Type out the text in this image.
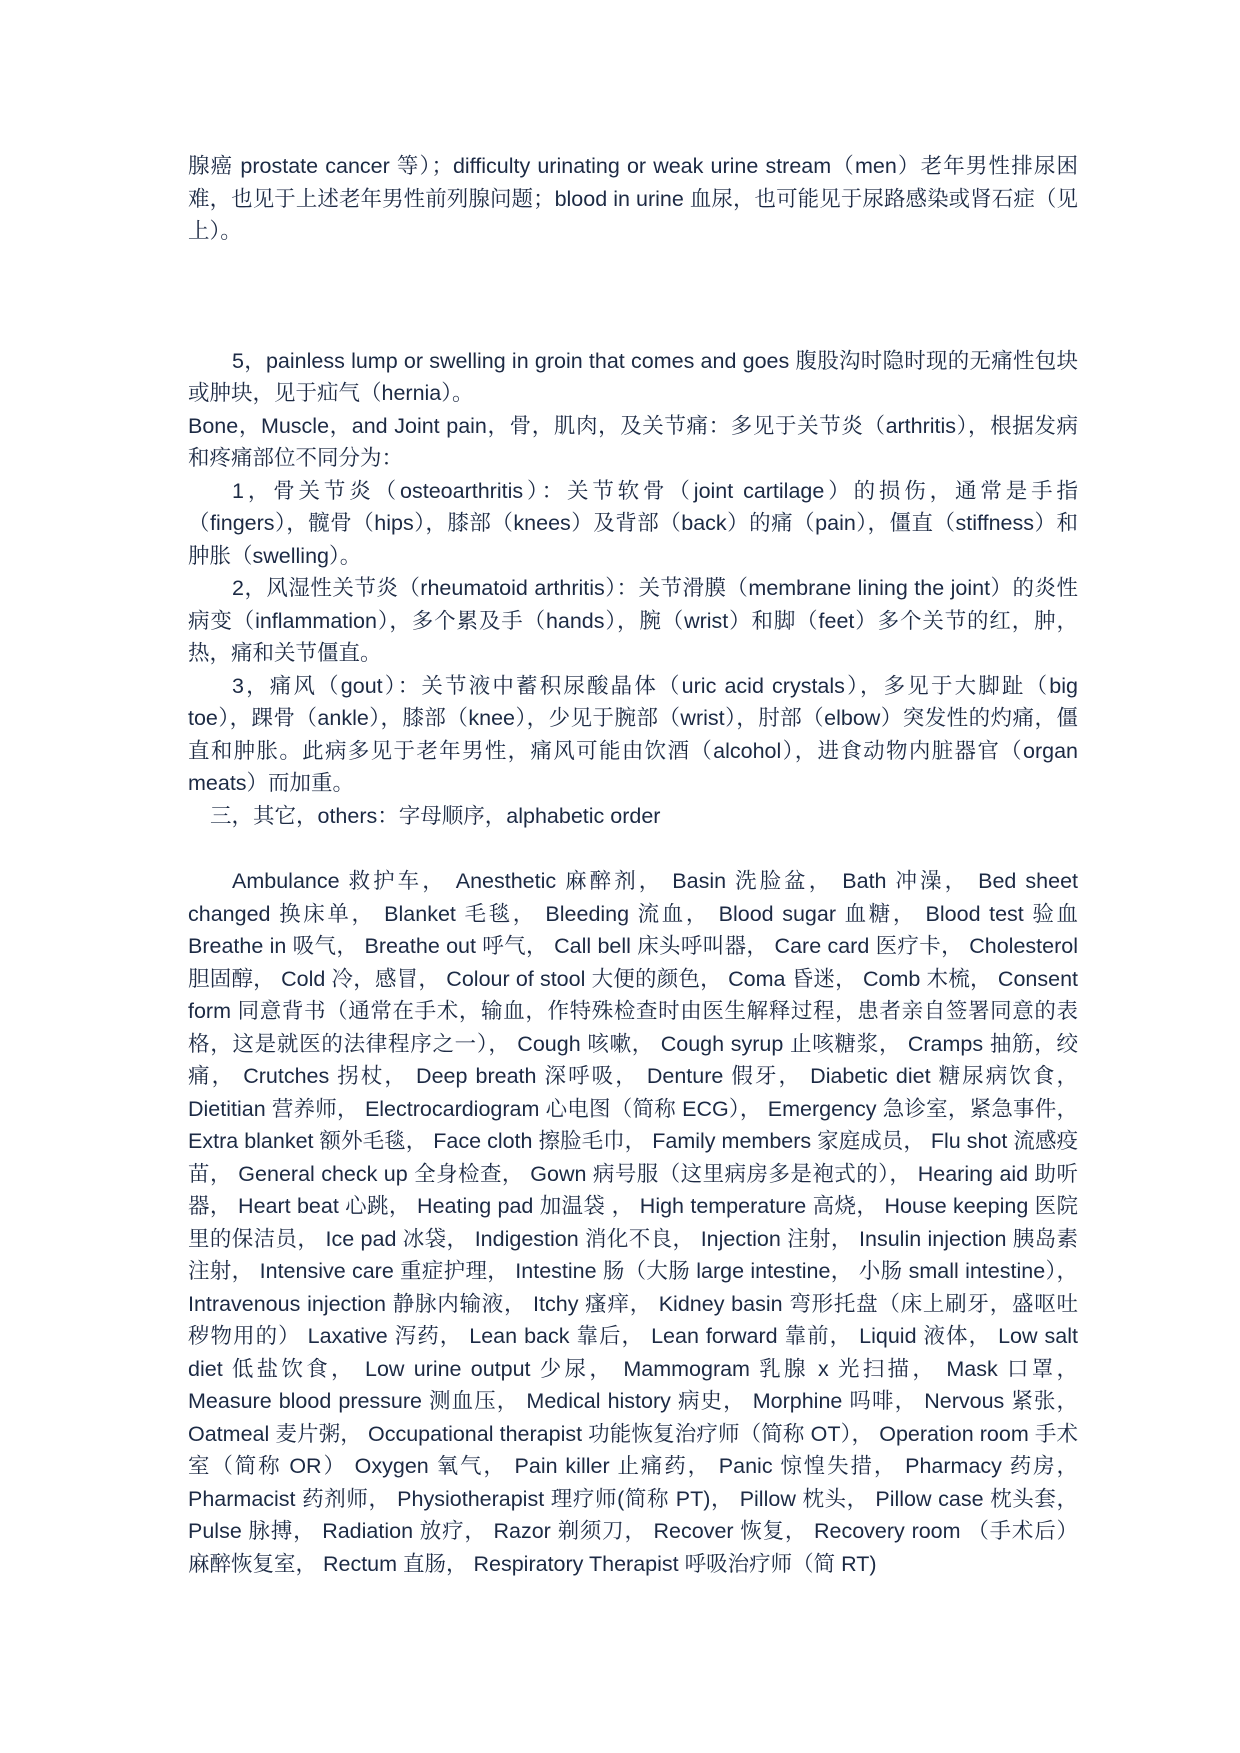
腺癌 prostate cancer 等）；difficulty urinating or weak urine stream（men）老年男性排尿困难，也见于上述老年男性前列腺问题；blood in urine 血尿，也可能见于尿路感染或肾石症（见上）。

5，painless lump or swelling in groin that comes and goes 腹股沟时隐时现的无痛性包块或肿块，见于疝气（hernia）。

Bone，Muscle，and Joint pain，骨，肌肉，及关节痛：多见于关节炎（arthritis），根据发病和疼痛部位不同分为：

1，骨关节炎（osteoarthritis）：关节软骨（joint cartilage）的损伤，通常是手指（fingers），髋骨（hips），膝部（knees）及背部（back）的痛（pain），僵直（stiffness）和肿胀（swelling）。

2，风湿性关节炎（rheumatoid arthritis）：关节滑膜（membrane lining the joint）的炎性病变（inflammation），多个累及手（hands），腕（wrist）和脚（feet）多个关节的红，肿，热，痛和关节僵直。

3，痛风（gout）：关节液中蓄积尿酸晶体（uric acid crystals），多见于大脚趾（big toe），踝骨（ankle），膝部（knee），少见于腕部（wrist），肘部（elbow）突发性的灼痛，僵直和肿胀。此病多见于老年男性，痛风可能由饮酒（alcohol），进食动物内脏器官（organ meats）而加重。

三，其它，others：字母顺序，alphabetic order

Ambulance 救护车， Anesthetic 麻醉剂， Basin 洗脸盆， Bath 冲澡， Bed sheet changed 换床单， Blanket 毛毯， Bleeding 流血， Blood sugar 血糖， Blood test 验血 Breathe in 吸气， Breathe out 呼气， Call bell 床头呼叫器， Care card 医疗卡， Cholesterol 胆固醇， Cold 冷，感冒， Colour of stool 大便的颜色， Coma 昏迷， Comb 木梳， Consent form 同意背书（通常在手术，输血，作特殊检查时由医生解释过程，患者亲自签署同意的表格，这是就医的法律程序之一）， Cough 咳嗽， Cough syrup 止咳糖浆， Cramps 抽筋，绞痛， Crutches 拐杖， Deep breath 深呼吸， Denture 假牙， Diabetic diet 糖尿病饮食， Dietitian 营养师， Electrocardiogram 心电图（简称 ECG）， Emergency 急诊室，紧急事件， Extra blanket 额外毛毯， Face cloth 擦脸毛巾， Family members 家庭成员， Flu shot 流感疫苗， General check up 全身检查， Gown 病号服（这里病房多是袍式的）， Hearing aid 助听器， Heart beat 心跳， Heating pad 加温袋 ， High temperature 高烧， House keeping 医院里的保洁员， Ice pad 冰袋， Indigestion 消化不良， Injection 注射， Insulin injection 胰岛素注射， Intensive care 重症护理， Intestine 肠（大肠 large intestine， 小肠 small intestine）， Intravenous injection 静脉内输液， Itchy 瘙痒， Kidney basin 弯形托盘（床上刷牙，盛呕吐秽物用的） Laxative 泻药， Lean back 靠后， Lean forward 靠前， Liquid 液体， Low salt diet 低盐饮食， Low urine output 少尿， Mammogram 乳腺 x 光扫描， Mask 口罩， Measure blood pressure 测血压， Medical history 病史， Morphine 吗啡， Nervous 紧张， Oatmeal 麦片粥， Occupational therapist 功能恢复治疗师（简称 OT）， Operation room 手术室（简称 OR） Oxygen 氧气， Pain killer 止痛药， Panic 惊惶失措， Pharmacy 药房， Pharmacist 药剂师， Physiotherapist 理疗师(简称 PT)， Pillow 枕头， Pillow case 枕头套， Pulse 脉搏， Radiation 放疗， Razor 剃须刀， Recover 恢复， Recovery room （手术后）麻醉恢复室， Rectum 直肠， Respiratory Therapist 呼吸治疗师（简 RT)
